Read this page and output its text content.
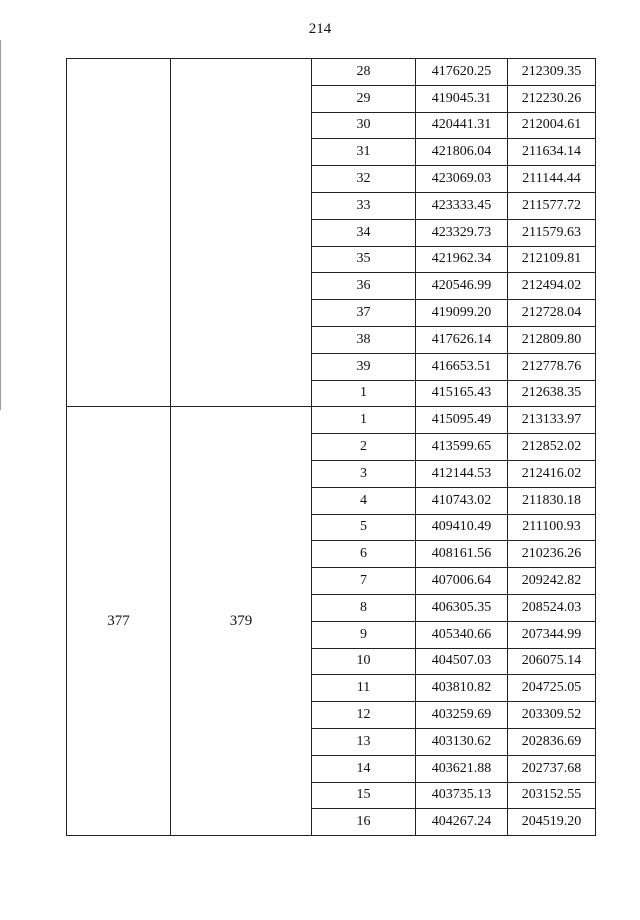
214
		28	417620.25	212309.35
		29	419045.31	212230.26
		30	420441.31	212004.61
		31	421806.04	211634.14
		32	423069.03	211144.44
		33	423333.45	211577.72
		34	423329.73	211579.63
		35	421962.34	212109.81
		36	420546.99	212494.02
		37	419099.20	212728.04
		38	417626.14	212809.80
		39	416653.51	212778.76
		1	415165.43	212638.35
377	379	1	415095.49	213133.97
		2	413599.65	212852.02
		3	412144.53	212416.02
		4	410743.02	211830.18
		5	409410.49	211100.93
		6	408161.56	210236.26
		7	407006.64	209242.82
		8	406305.35	208524.03
		9	405340.66	207344.99
		10	404507.03	206075.14
		11	403810.82	204725.05
		12	403259.69	203309.52
		13	403130.62	202836.69
		14	403621.88	202737.68
		15	403735.13	203152.55
		16	404267.24	204519.20
